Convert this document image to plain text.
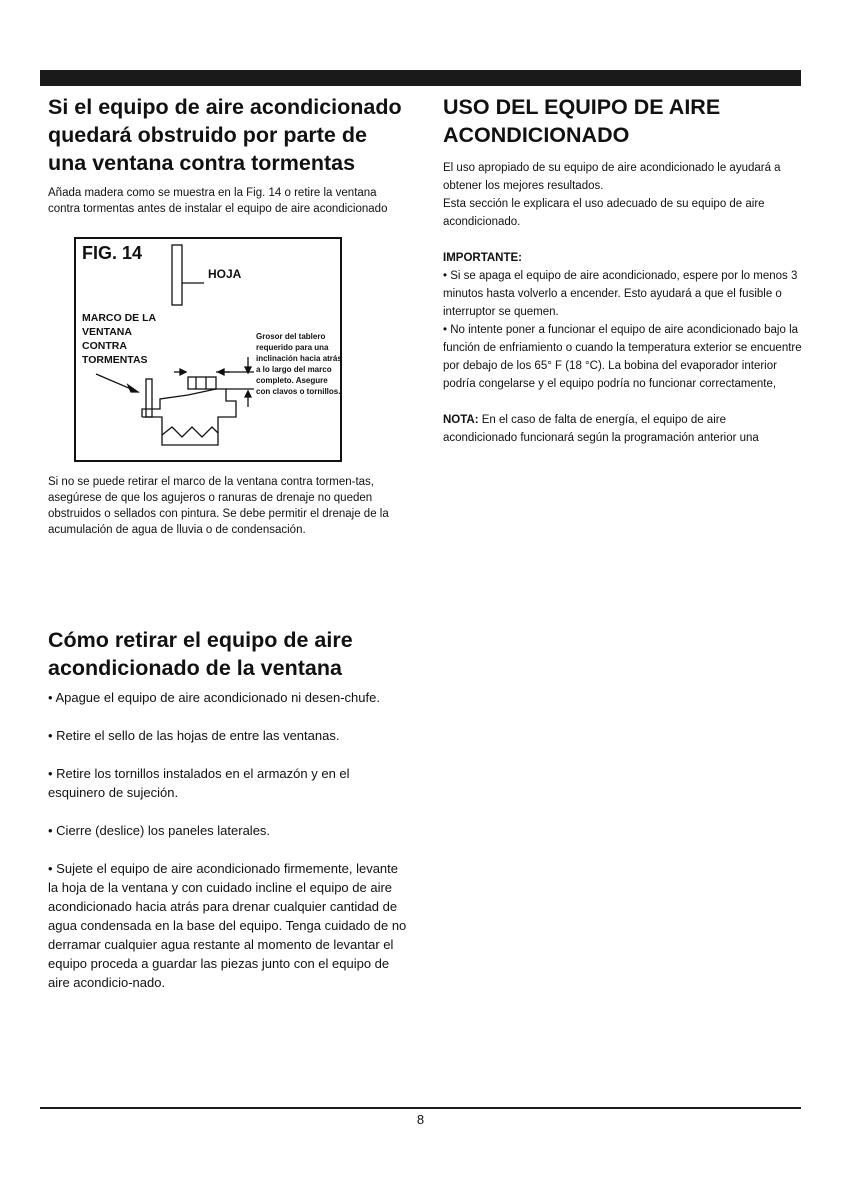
Si el equipo de aire acondicionado quedará obstruido por parte de una ventana contra tormentas

Añada madera como se muestra en la Fig. 14 o retire la ventana contra tormentas antes de instalar el equipo de aire acondicionado

FIG. 14
HOJA
MARCO DE LA VENTANA CONTRA TORMENTAS
Grosor del tablero requerido para una inclinación hacia atrás a lo largo del marco completo. Asegure con clavos o tornillos.

Si no se puede retirar el marco de la ventana contra tormen-tas, asegúrese de que los agujeros o ranuras de drenaje no queden obstruidos o sellados con pintura. Se debe permitir el drenaje de la acumulación de agua de lluvia o de condensación.

Cómo retirar el equipo de aire acondicionado de la ventana

• Apague el equipo de aire acondicionado ni desen-chufe.

• Retire el sello de las hojas de entre las ventanas.

• Retire los tornillos instalados en el armazón y en el esquinero de sujeción.

• Cierre (deslice) los paneles laterales.

• Sujete el equipo de aire acondicionado firmemente, levante la hoja de la ventana y con cuidado incline el equipo de aire acondicionado hacia atrás para drenar cualquier cantidad de agua condensada en la base del equipo. Tenga cuidado de no derramar cualquier agua restante al momento de levantar el equipo proceda a guardar las piezas junto con el equipo de aire acondicio-nado.

USO DEL EQUIPO DE AIRE ACONDICIONADO

El uso apropiado de su equipo de aire acondicionado le ayudará a obtener los mejores resultados.

Esta sección le explicara el uso adecuado de su equipo de aire acondicionado.

IMPORTANTE:

• Si se apaga el equipo de aire acondicionado, espere por lo menos 3 minutos hasta volverlo a encender. Esto ayudará a que el fusible o interruptor se quemen.

• No intente poner a funcionar el equipo de aire acondicionado bajo la función de enfriamiento o cuando la temperatura exterior se encuentre por debajo de los 65° F (18 °C). La bobina del evaporador interior podría congelarse y el equipo podría no funcionar correctamente,

NOTA: En el caso de falta de energía, el equipo de aire acondicionado funcionará según la programación anterior una

8
